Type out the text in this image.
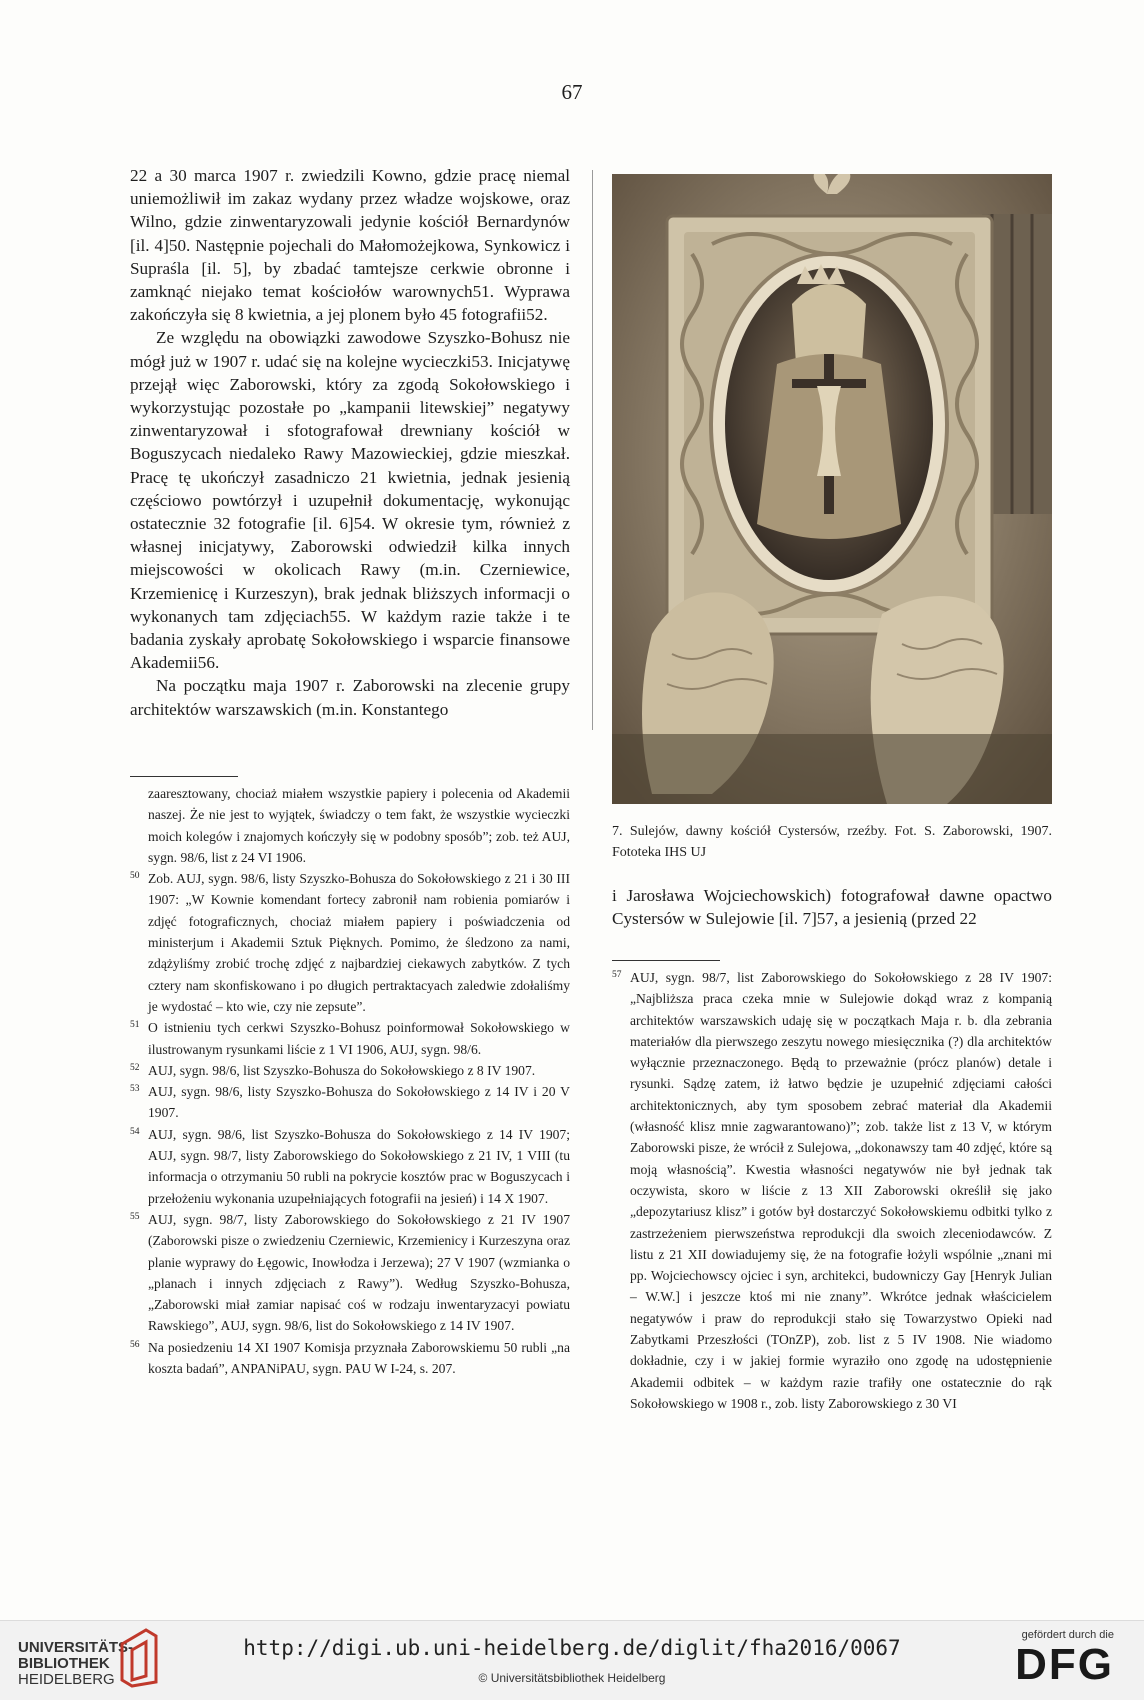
67

22 a 30 marca 1907 r. zwiedzili Kowno, gdzie pracę niemal uniemożliwił im zakaz wydany przez władze wojskowe, oraz Wilno, gdzie zinwentaryzowali jedynie kościół Bernardynów [il. 4]50. Następnie pojechali do Małomożejkowa, Synkowicz i Supraśla [il. 5], by zbadać tamtejsze cerkwie obronne i zamknąć niejako temat kościołów warownych51. Wyprawa zakończyła się 8 kwietnia, a jej plonem było 45 fotografii52.

Ze względu na obowiązki zawodowe Szyszko-Bohusz nie mógł już w 1907 r. udać się na kolejne wycieczki53. Inicjatywę przejął więc Zaborowski, który za zgodą Sokołowskiego i wykorzystując pozostałe po „kampanii litewskiej” negatywy zinwentaryzował i sfotografował drewniany kościół w Boguszycach niedaleko Rawy Mazowieckiej, gdzie mieszkał. Pracę tę ukończył zasadniczo 21 kwietnia, jednak jesienią częściowo powtórzył i uzupełnił dokumentację, wykonując ostatecznie 32 fotografie [il. 6]54. W okresie tym, również z własnej inicjatywy, Zaborowski odwiedził kilka innych miejscowości w okolicach Rawy (m.in. Czerniewice, Krzemienicę i Kurzeszyn), brak jednak bliższych informacji o wykonanych tam zdjęciach55. W każdym razie także i te badania zyskały aprobatę Sokołowskiego i wsparcie finansowe Akademii56.

Na początku maja 1907 r. Zaborowski na zlecenie grupy architektów warszawskich (m.in. Konstantego

zaaresztowany, chociaż miałem wszystkie papiery i polecenia od Akademii naszej. Że nie jest to wyjątek, świadczy o tem fakt, że wszystkie wycieczki moich kolegów i znajomych kończyły się w podobny sposób”; zob. też AUJ, sygn. 98/6, list z 24 VI 1906.

50 Zob. AUJ, sygn. 98/6, listy Szyszko-Bohusza do Sokołowskiego z 21 i 30 III 1907: „W Kownie komendant fortecy zabronił nam robienia pomiarów i zdjęć fotograficznych, chociaż miałem papiery i poświadczenia od ministerjum i Akademii Sztuk Pięknych. Pomimo, że śledzono za nami, zdążyliśmy zrobić trochę zdjęć z najbardziej ciekawych zabytków. Z tych cztery nam skonfiskowano i po długich pertraktacyach zaledwie zdołaliśmy je wydostać – kto wie, czy nie zepsute”.

51 O istnieniu tych cerkwi Szyszko-Bohusz poinformował Sokołowskiego w ilustrowanym rysunkami liście z 1 VI 1906, AUJ, sygn. 98/6.

52 AUJ, sygn. 98/6, list Szyszko-Bohusza do Sokołowskiego z 8 IV 1907.

53 AUJ, sygn. 98/6, listy Szyszko-Bohusza do Sokołowskiego z 14 IV i 20 V 1907.

54 AUJ, sygn. 98/6, list Szyszko-Bohusza do Sokołowskiego z 14 IV 1907; AUJ, sygn. 98/7, listy Zaborowskiego do Sokołowskiego z 21 IV, 1 VIII (tu informacja o otrzymaniu 50 rubli na pokrycie kosztów prac w Boguszycach i przełożeniu wykonania uzupełniających fotografii na jesień) i 14 X 1907.

55 AUJ, sygn. 98/7, listy Zaborowskiego do Sokołowskiego z 21 IV 1907 (Zaborowski pisze o zwiedzeniu Czerniewic, Krzemienicy i Kurzeszyna oraz planie wyprawy do Łęgowic, Inowłodza i Jerzewa); 27 V 1907 (wzmianka o „planach i innych zdjęciach z Rawy”). Według Szyszko-Bohusza, „Zaborowski miał zamiar napisać coś w rodzaju inwentaryzacyi powiatu Rawskiego”, AUJ, sygn. 98/6, list do Sokołowskiego z 14 IV 1907.

56 Na posiedzeniu 14 XI 1907 Komisja przyznała Zaborowskiemu 50 rubli „na koszta badań”, ANPANiPAU, sygn. PAU W I-24, s. 207.

7. Sulejów, dawny kościół Cystersów, rzeźby. Fot. S. Zaborowski, 1907. Fototeka IHS UJ

i Jarosława Wojciechowskich) fotografował dawne opactwo Cystersów w Sulejowie [il. 7]57, a jesienią (przed 22

57 AUJ, sygn. 98/7, list Zaborowskiego do Sokołowskiego z 28 IV 1907: „Najbliższa praca czeka mnie w Sulejowie dokąd wraz z kompanią architektów warszawskich udaję się w początkach Maja r. b. dla zebrania materiałów dla pierwszego zeszytu nowego miesięcznika (?) dla architektów wyłącznie przeznaczonego. Będą to przeważnie (prócz planów) detale i rysunki. Sądzę zatem, iż łatwo będzie je uzupełnić zdjęciami całości architektonicznych, aby tym sposobem zebrać materiał dla Akademii (własność klisz mnie zagwarantowano)”; zob. także list z 13 V, w którym Zaborowski pisze, że wrócił z Sulejowa, „dokonawszy tam 40 zdjęć, które są moją własnością”. Kwestia własności negatywów nie był jednak tak oczywista, skoro w liście z 13 XII Zaborowski określił się jako „depozytariusz klisz” i gotów był dostarczyć Sokołowskiemu odbitki tylko z zastrzeżeniem pierwszeństwa reprodukcji dla swoich zleceniodawców. Z listu z 21 XII dowiadujemy się, że na fotografie łożyli wspólnie „znani mi pp. Wojciechowscy ojciec i syn, architekci, budowniczy Gay [Henryk Julian – W.W.] i jeszcze ktoś mi nie znany”. Wkrótce jednak właścicielem negatywów i praw do reprodukcji stało się Towarzystwo Opieki nad Zabytkami Przeszłości (TOnZP), zob. list z 5 IV 1908. Nie wiadomo dokładnie, czy i w jakiej formie wyraziło ono zgodę na udostępnienie Akademii odbitek – w każdym razie trafiły one ostatecznie do rąk Sokołowskiego w 1908 r., zob. listy Zaborowskiego z 30 VI

UNIVERSITÄTS-
BIBLIOTHEK
HEIDELBERG
http://digi.ub.uni-heidelberg.de/diglit/fha2016/0067
© Universitätsbibliothek Heidelberg
gefördert durch die
DFG
